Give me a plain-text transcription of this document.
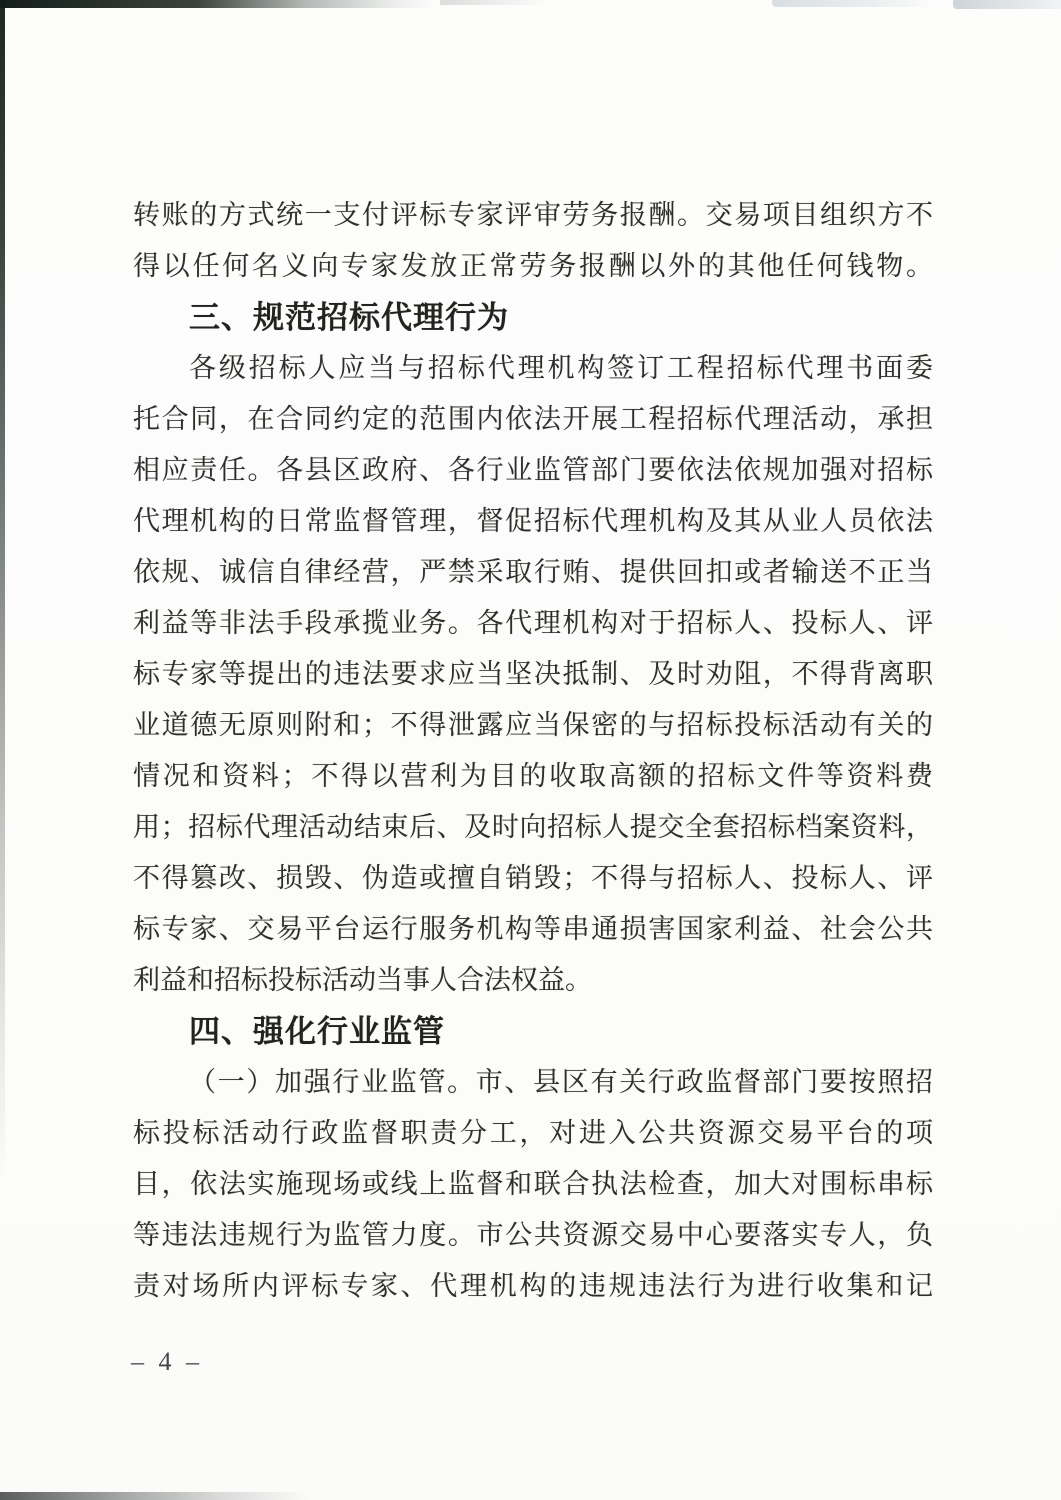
转账的方式统一支付评标专家评审劳务报酬。交易项目组织方不
得以任何名义向专家发放正常劳务报酬以外的其他任何钱物。
三、规范招标代理行为
各级招标人应当与招标代理机构签订工程招标代理书面委
托合同，在合同约定的范围内依法开展工程招标代理活动，承担
相应责任。各县区政府、各行业监管部门要依法依规加强对招标
代理机构的日常监督管理，督促招标代理机构及其从业人员依法
依规、诚信自律经营，严禁采取行贿、提供回扣或者输送不正当
利益等非法手段承揽业务。各代理机构对于招标人、投标人、评
标专家等提出的违法要求应当坚决抵制、及时劝阻，不得背离职
业道德无原则附和；不得泄露应当保密的与招标投标活动有关的
情况和资料；不得以营利为目的收取高额的招标文件等资料费
用；招标代理活动结束后、及时向招标人提交全套招标档案资料，
不得篡改、损毁、伪造或擅自销毁；不得与招标人、投标人、评
标专家、交易平台运行服务机构等串通损害国家利益、社会公共
利益和招标投标活动当事人合法权益。
四、强化行业监管
（一）加强行业监管。市、县区有关行政监督部门要按照招
标投标活动行政监督职责分工，对进入公共资源交易平台的项
目，依法实施现场或线上监督和联合执法检查，加大对围标串标
等违法违规行为监管力度。市公共资源交易中心要落实专人，负
责对场所内评标专家、代理机构的违规违法行为进行收集和记
– 4 –
